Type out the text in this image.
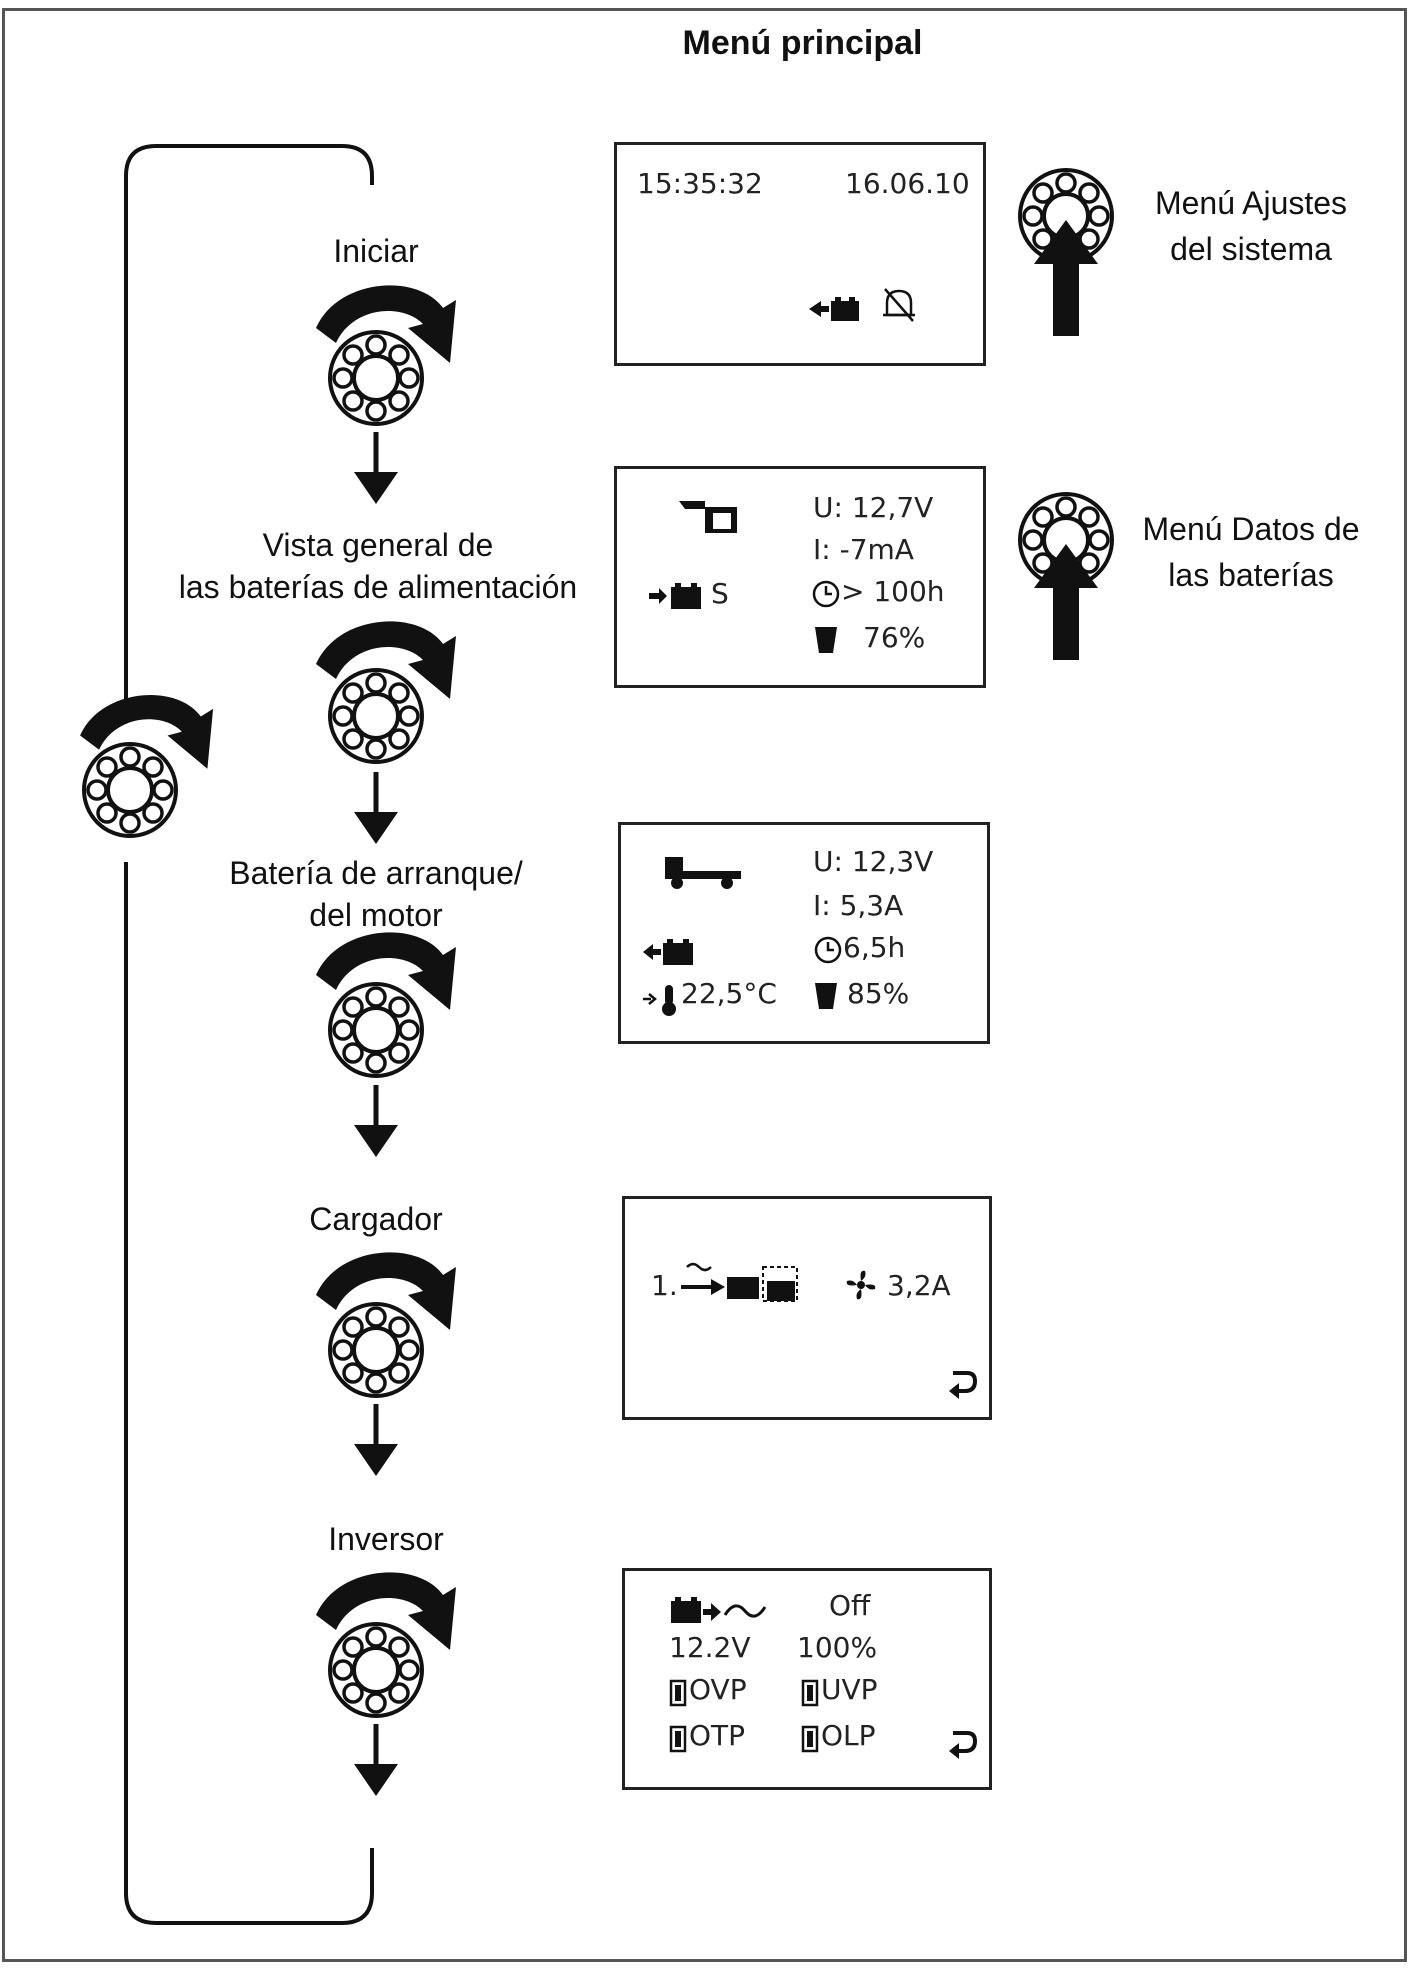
Menú principal
Iniciar
Vista general de
las baterías de alimentación
Batería de arranque/
del motor
Cargador
Inversor
Menú Ajustes
del sistema
Menú Datos de
las baterías
15:35:32	16.06.10
U: 12,7V
I: -7mA
S	> 100h
76%
U: 12,3V
I: 5,3A
6,5h
22,5°C	85%
1.	3,2A
Off
12.2V 100%
OVP	UVP
OTP	OLP
